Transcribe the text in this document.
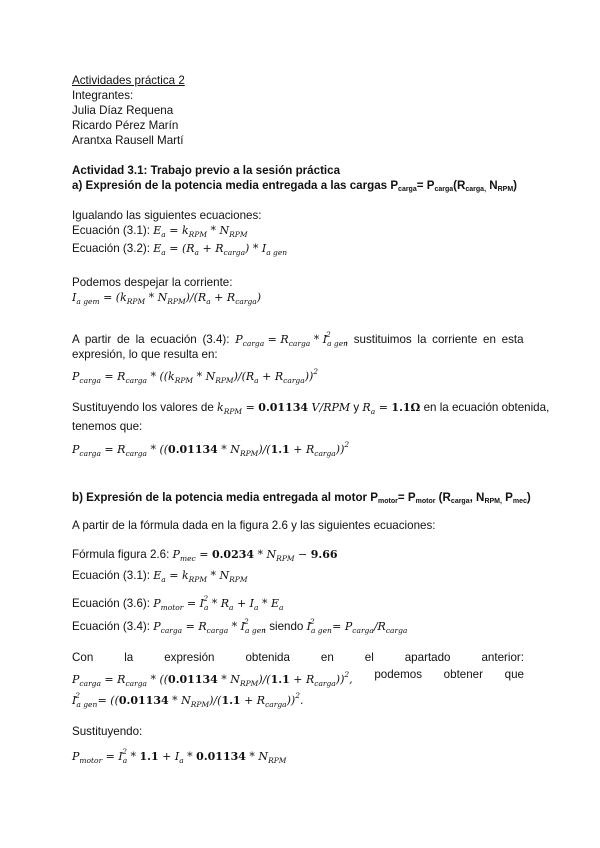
Actividades práctica 2
Integrantes:
Julia Díaz Requena
Ricardo Pérez Marín
Arantxa Rausell Martí
Actividad 3.1: Trabajo previo a la sesión práctica
a) Expresión de la potencia media entregada a las cargas Pcarga= Pcarga(Rcarga, NRPM)
Igualando las siguientes ecuaciones:
Ecuación (3.1): $E_a = k_{RPM} * N_{RPM}$
Ecuación (3.2): $E_a = (R_a + R_{carga}) * I_{a gen}$
Podemos despejar la corriente:
$I_{a gem} = (k_{RPM} * N_{RPM})/(R_a + R_{carga})$
A partir de la ecuación (3.4): $P_{carga} = R_{carga} * I_{a gen}^2$ , sustituimos la corriente en esta
expresión, lo que resulta en:
$P_{carga} = R_{carga} * ((k_{RPM} * N_{RPM})/(R_a + R_{carga}))^2$
Sustituyendo los valores de $k_{RPM} = 0.01134$ V/RPM y $R_a = 1.1\Omega$ en la ecuación obtenida,
tenemos que:
$P_{carga} = R_{carga} * ((0.01134 * N_{RPM})/(1.1 + R_{carga}))^2$
b) Expresión de la potencia media entregada al motor Pmotor= Pmotor (Rcarga, NRPM, Pmec)
A partir de la fórmula dada en la figura 2.6 y las siguientes ecuaciones:
Fórmula figura 2.6: $P_{mec} = 0.0234 * N_{RPM} - 9.66$
Ecuación (3.1): $E_a = k_{RPM} * N_{RPM}$
Ecuación (3.6): $P_{motor} = I_a^2 * R_a + I_a * E_a$
Ecuación (3.4): $P_{carga} = R_{carga} * I_{a gen}^2$ , siendo $I_{a gen}^2 = P_{carga}/R_{carga}$
Con	la	expresión	obtenida	en	el	apartado	anterior:
$P_{carga} = R_{carga} * ((0.01134 * N_{RPM})/(1.1 + R_{carga}))^2$, podemos obtener que
$I_{a gen}^2 = ((0.01134 * N_{RPM})/(1.1 + R_{carga}))^2$.
Sustituyendo:
$P_{motor} = I_a^2 * 1.1 + I_a * 0.01134 * N_{RPM}$
